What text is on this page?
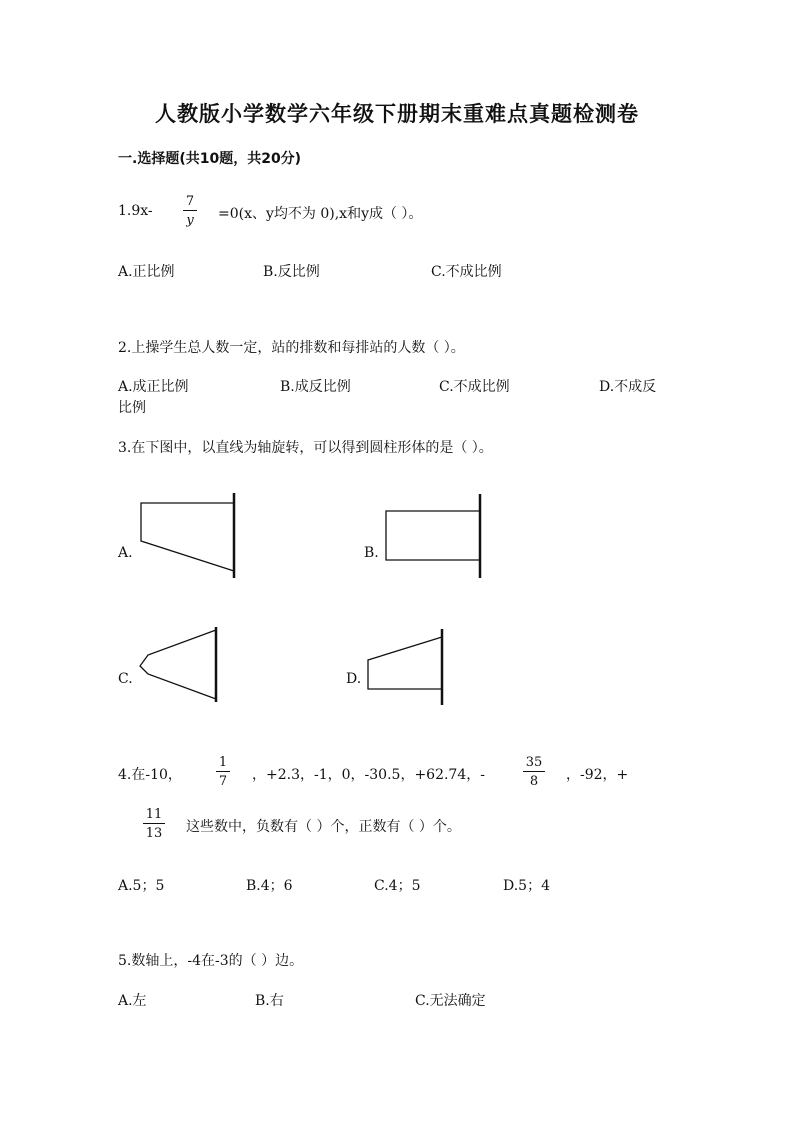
人教版小学数学六年级下册期末重难点真题检测卷
一.选择题(共10题，共20分)
1.9x-
7
y =0(x、y均不为 0),x和y成（ ）。
A.正比例	B.反比例	C.不成比例
2.上操学生总人数一定，站的排数和每排站的人数（ ）。
A.成正比例	B.成反比例	C.不成比例	D.不成反
比例
3.在下图中，以直线为轴旋转，可以得到圆柱形体的是（ ）。
A.	B.
C.	D.
4.在-10，
1
7 ，+2.3，-1，0，-30.5，+62.74，-
35
8	，-92，+
11
13 这些数中，负数有（ ）个，正数有（ ）个。
A.5；5	B.4；6	C.4；5	D.5；4
5.数轴上，-4在-3的（ ）边。
A.左	B.右	C.无法确定
